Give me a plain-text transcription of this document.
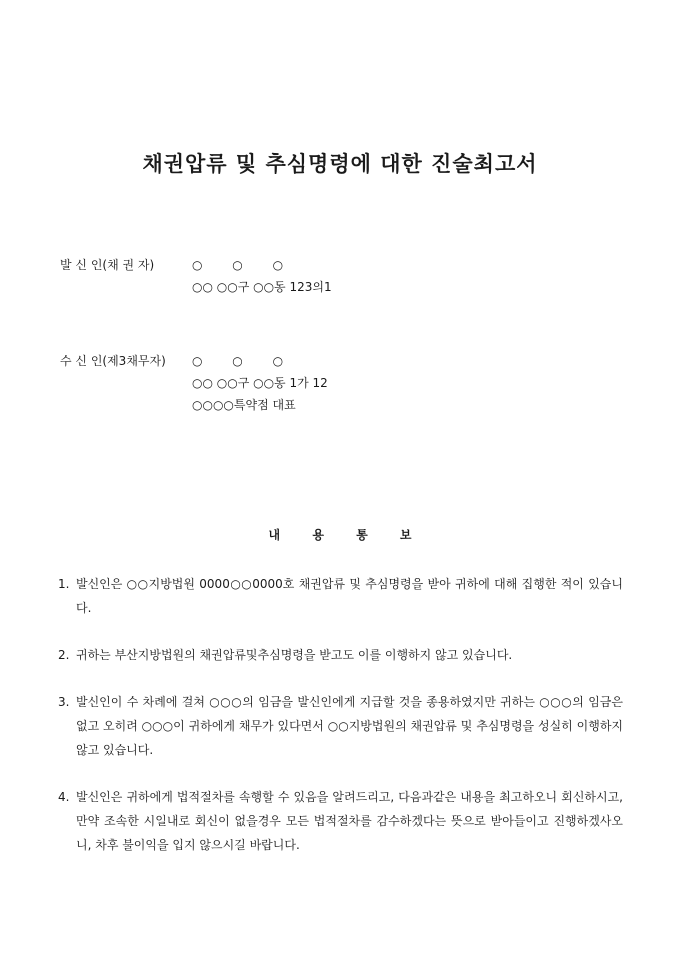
채권압류 및 추심명령에 대한 진술최고서
발 신 인(채 권 자)	○ ○ ○
○○ ○○구 ○○동 123의1
수 신 인(제3채무자)	○ ○ ○
○○ ○○구 ○○동 1가 12
○○○○특약점 대표
내 용 통 보
1. 발신인은 ○○지방법원 0000○○0000호 채권압류 및 추심명령을 받아 귀하에 대해 집행한 적이 있습니다.
2. 귀하는 부산지방법원의 채권압류및추심명령을 받고도 이를 이행하지 않고 있습니다.
3. 발신인이 수 차례에 걸쳐 ○○○의 임금을 발신인에게 지급할 것을 종용하였지만 귀하는 ○○○의 임금은 없고 오히려 ○○○이 귀하에게 채무가 있다면서 ○○지방법원의 채권압류 및 추심명령을 성실히 이행하지 않고 있습니다.
4. 발신인은 귀하에게 법적절차를 속행할 수 있음을 알려드리고, 다음과같은 내용을 최고하오니 회신하시고, 만약 조속한 시일내로 회신이 없을경우 모든 법적절차를 감수하겠다는 뜻으로 받아들이고 진행하겠사오니, 차후 불이익을 입지 않으시길 바랍니다.
